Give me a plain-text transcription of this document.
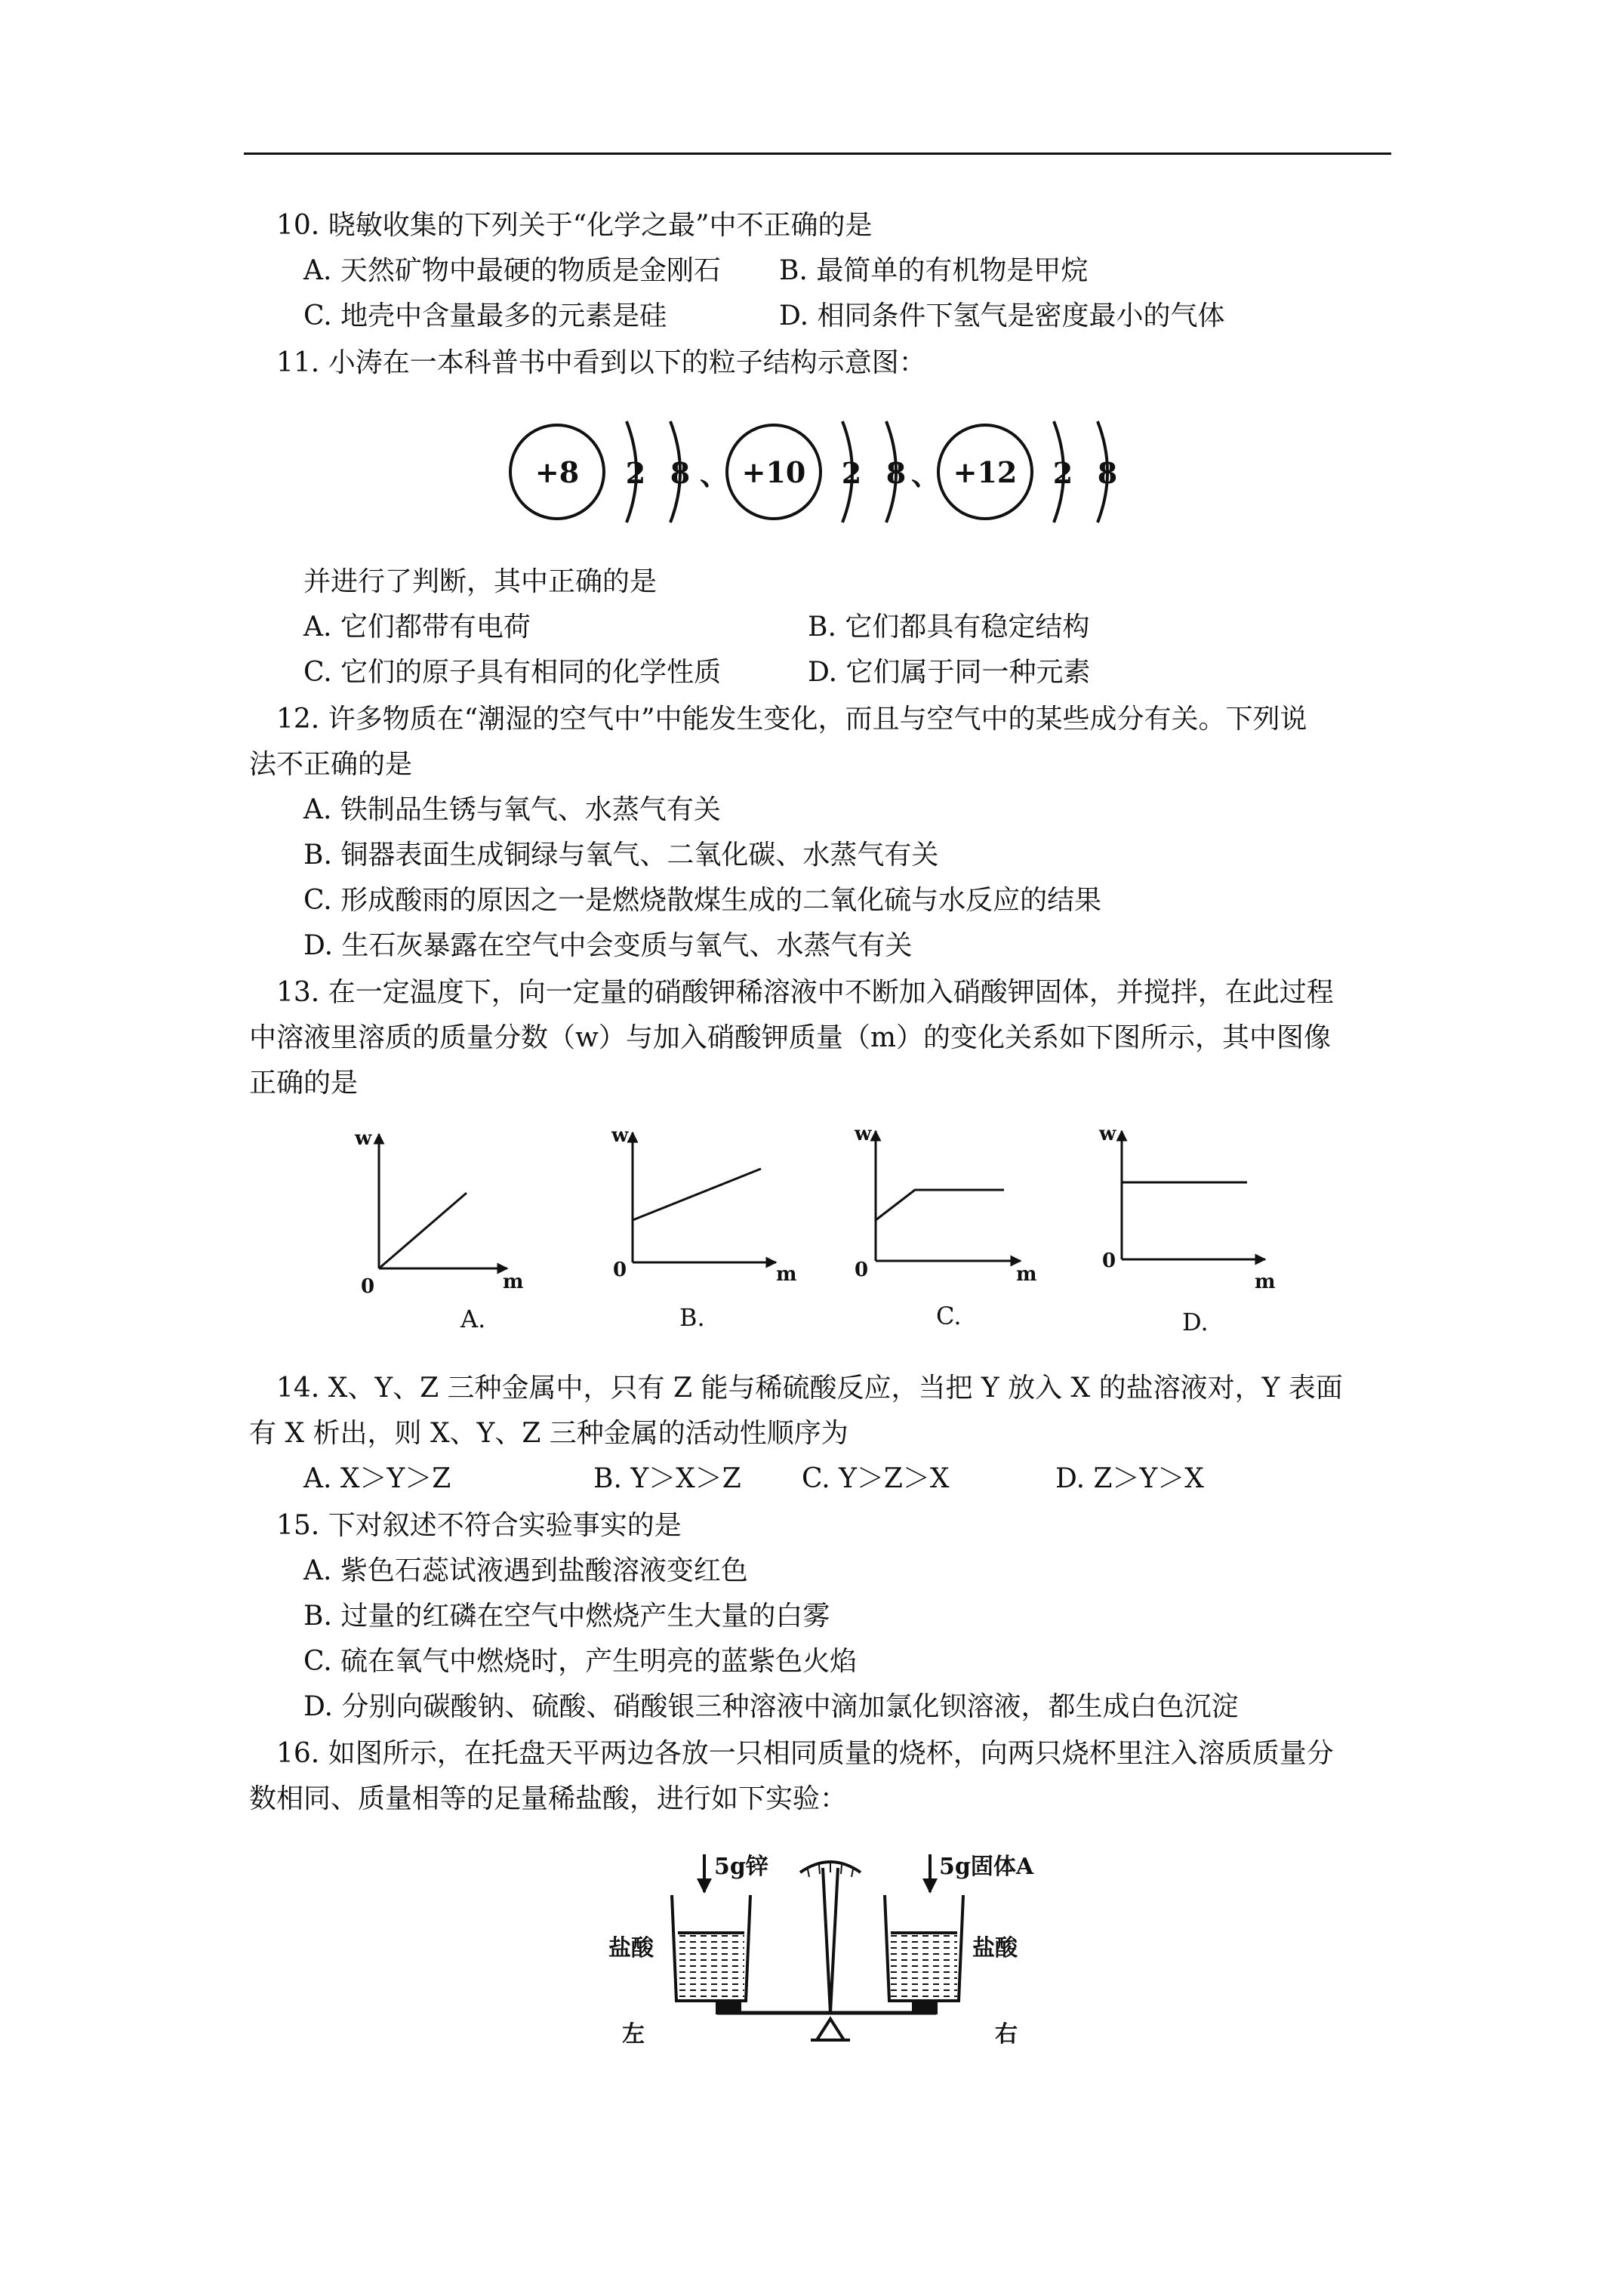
10. 晓敏收集的下列关于“化学之最”中不正确的是
A. 天然矿物中最硬的物质是金刚石 B. 最简单的有机物是甲烷
C. 地壳中含量最多的元素是硅	D. 相同条件下氢气是密度最小的气体
11. 小涛在一本科普书中看到以下的粒子结构示意图：
+8 2 8 、 +10 2 8 、 +12 2 8
并进行了判断，其中正确的是
A. 它们都带有电荷	B. 它们都具有稳定结构
C. 它们的原子具有相同的化学性质	D. 它们属于同一种元素
12. 许多物质在“潮湿的空气中”中能发生变化，而且与空气中的某些成分有关。下列说
法不正确的是
A. 铁制品生锈与氧气、水蒸气有关
B. 铜器表面生成铜绿与氧气、二氧化碳、水蒸气有关
C. 形成酸雨的原因之一是燃烧散煤生成的二氧化硫与水反应的结果
D. 生石灰暴露在空气中会变质与氧气、水蒸气有关
13. 在一定温度下，向一定量的硝酸钾稀溶液中不断加入硝酸钾固体，并搅拌，在此过程
中溶液里溶质的质量分数（w）与加入硝酸钾质量（m）的变化关系如下图所示，其中图像
正确的是
w
0	m
w
0	m
w
0	m
w
0
m
A.	B.	C.	D.
14. X、Y、Z 三种金属中，只有 Z 能与稀硫酸反应，当把 Y 放入 X 的盐溶液对，Y 表面
有 X 析出，则 X、Y、Z 三种金属的活动性顺序为
A. X＞Y＞Z	B. Y＞X＞Z C. Y＞Z＞X	D. Z＞Y＞X
15. 下对叙述不符合实验事实的是
A. 紫色石蕊试液遇到盐酸溶液变红色
B. 过量的红磷在空气中燃烧产生大量的白雾
C. 硫在氧气中燃烧时，产生明亮的蓝紫色火焰
D. 分别向碳酸钠、硫酸、硝酸银三种溶液中滴加氯化钡溶液，都生成白色沉淀
16. 如图所示，在托盘天平两边各放一只相同质量的烧杯，向两只烧杯里注入溶质质量分
数相同、质量相等的足量稀盐酸，进行如下实验：
5g锌	5g固体A
盐酸	盐酸
左	右
